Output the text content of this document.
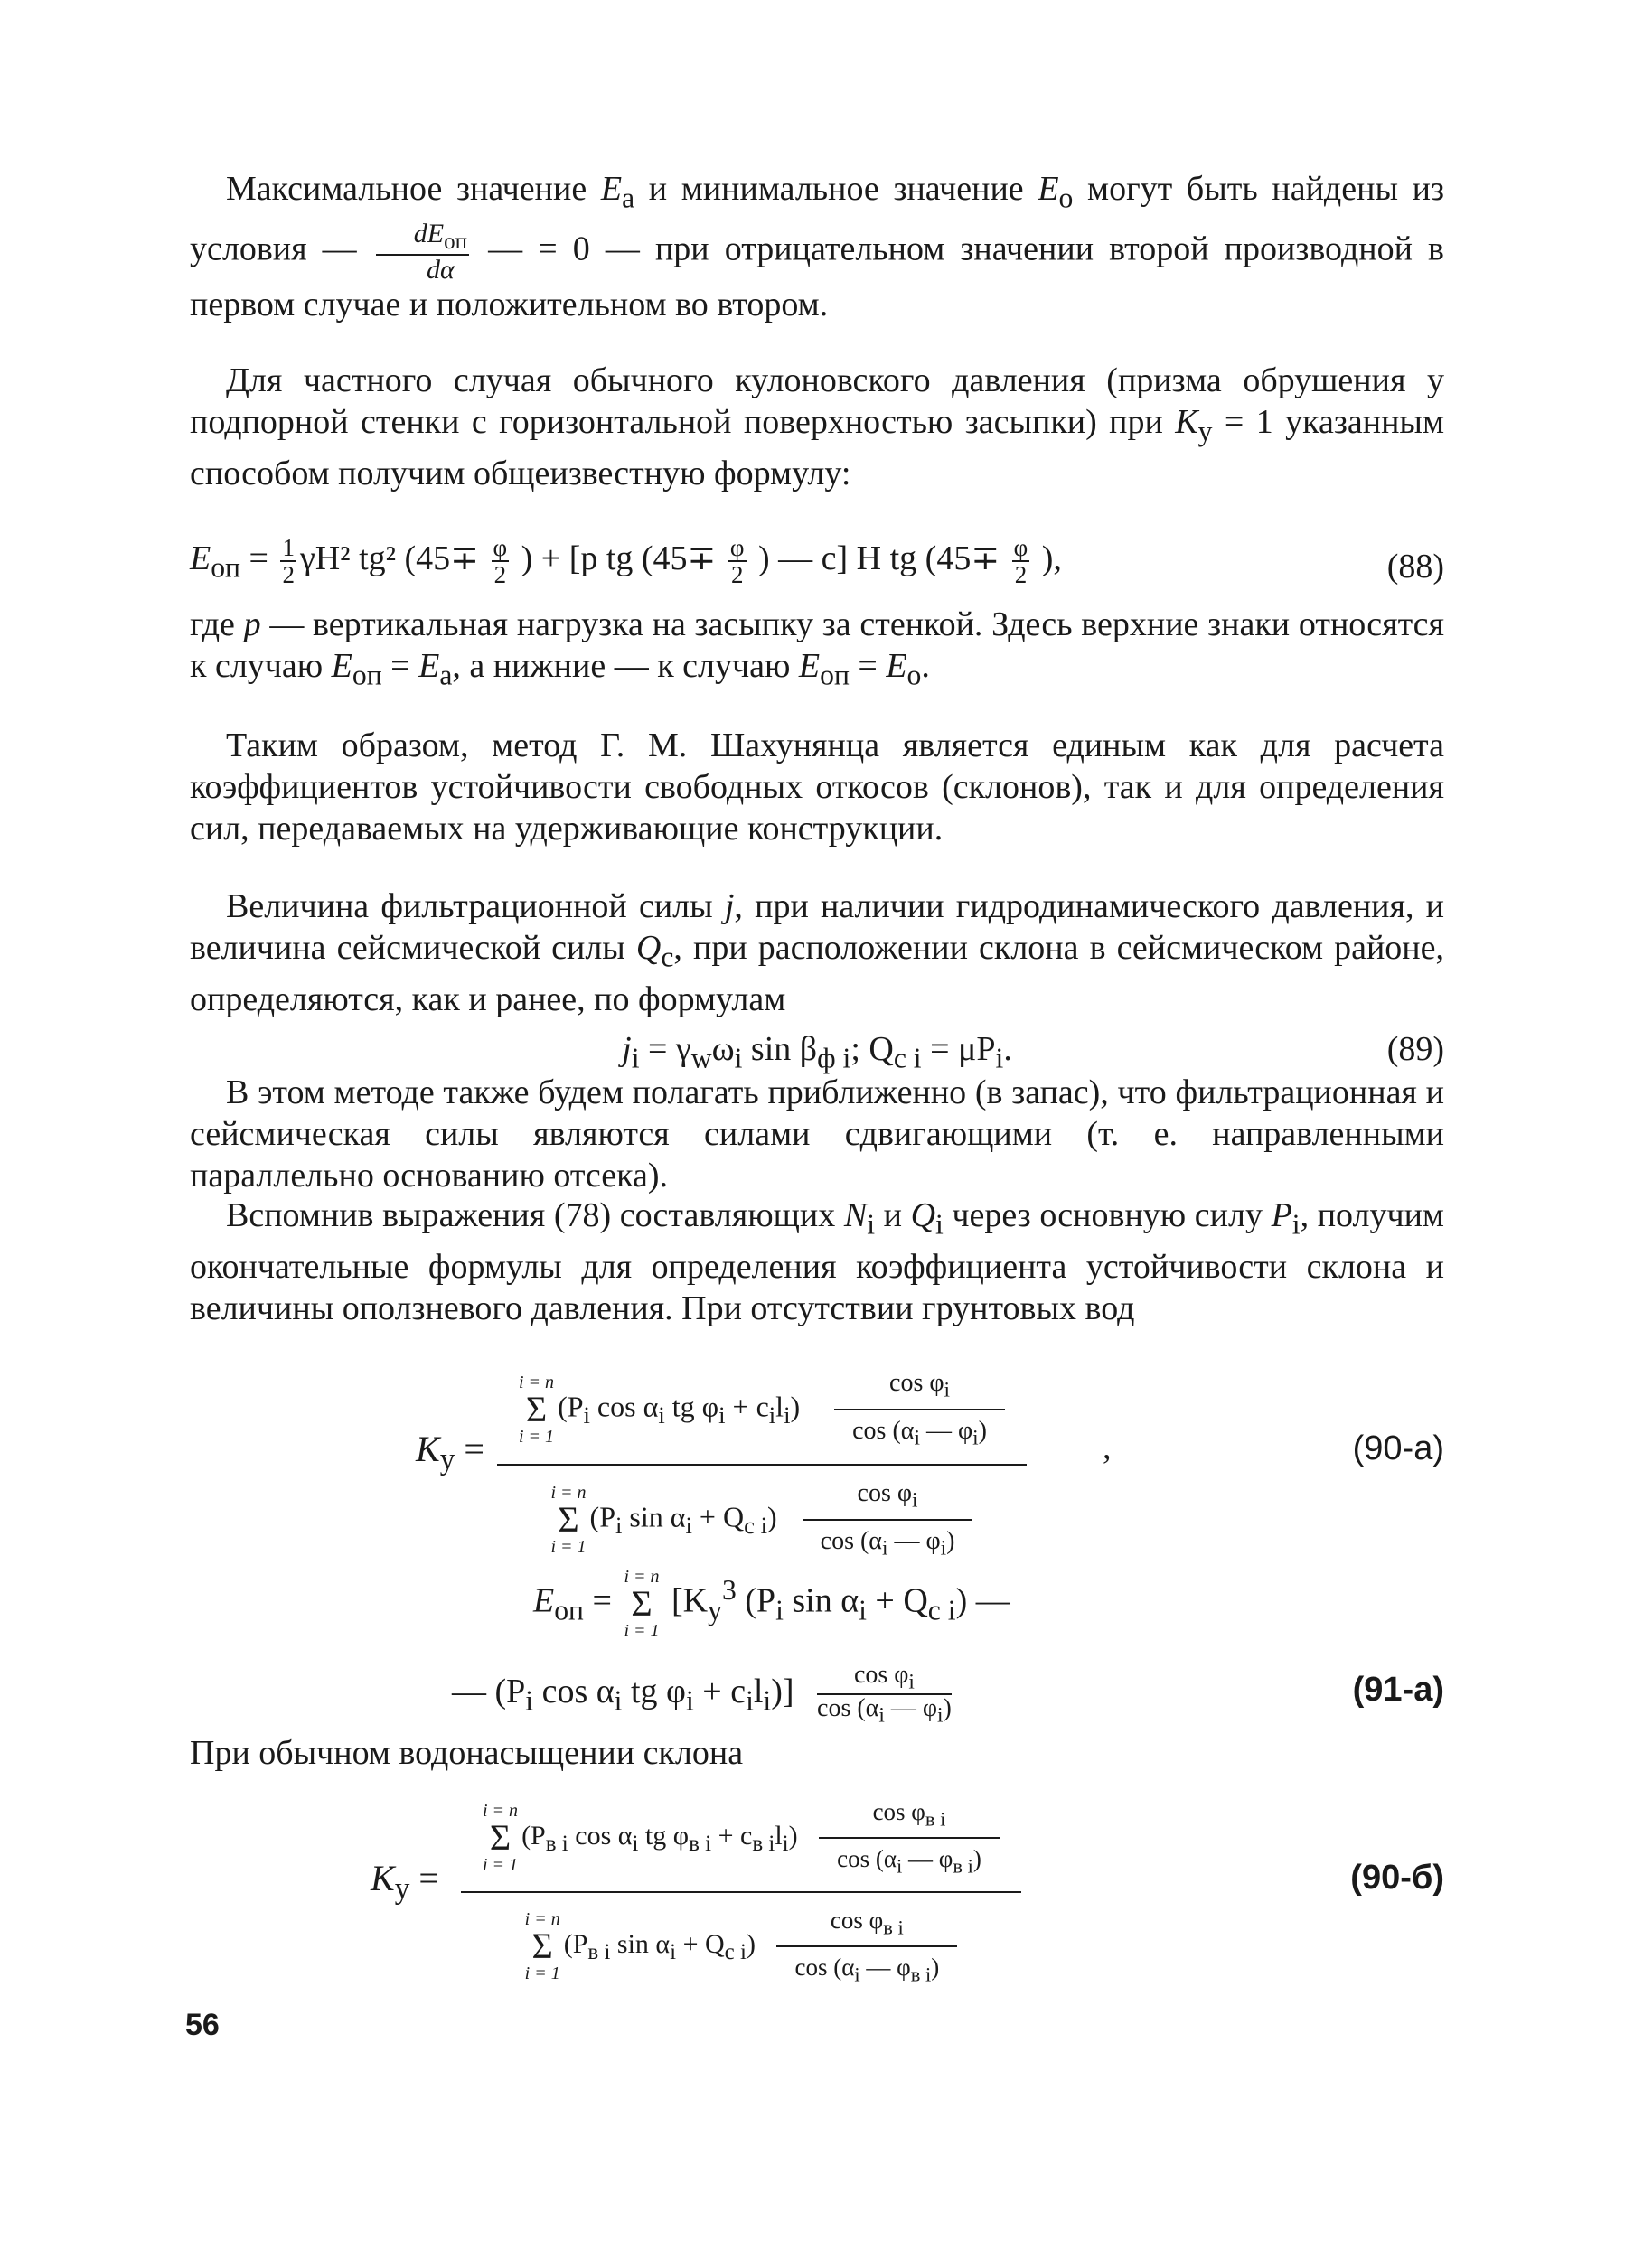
Максимальное значение $E_а$ и минимальное значение $E_о$ могут быть найдены из условия — $\frac{dE_{оп}}{d\alpha}$ — = 0 — при отрицательном значении второй производной в первом случае и положительном во втором.

Для частного случая обычного кулоновского давления (призма обрушения у подпорной стенки с горизонтальной поверхностью засыпки) при $K_у = 1$ указанным способом получим общеизвестную формулу:

$E_{оп} = \frac{1}{2} \gamma H^2$ tg² ($45\mp \frac{\varphi}{2}$ ) + [p tg ($45\mp \frac{\varphi}{2}$ ) — c] H tg ($45\mp \frac{\varphi}{2}$ ),	(88)

где p — вертикальная нагрузка на засыпку за стенкой. Здесь верхние знаки относятся к случаю $E_{оп} = E_а$, а нижние — к случаю $E_{оп} = E_о$.

Таким образом, метод Г. М. Шахунянца является единым как для расчета коэффициентов устойчивости свободных откосов (склонов), так и для определения сил, передаваемых на удерживающие конструкции.

Величина фильтрационной силы j, при наличии гидродинамического давления, и величина сейсмической силы $Q_с$, при расположении склона в сейсмическом районе, определяются, как и ранее, по формулам

$j_i = \gamma_w\omega_i$ $\sin \beta_{ф i}$; $Q_{с i} = \mu P_i$.	(89)

В этом методе также будем полагать приближенно (в запас), что фильтрационная и сейсмическая силы являются силами сдвигающими (т. е. направленными параллельно основанию отсека).

Вспомнив выражения (78) составляющих $N_i$ и $Q_i$ через основную силу $P_i$, получим окончательные формулы для определения коэффициента устойчивости склона и величины оползневого давления. При отсутствии грунтовых вод

$K_у$ =
i = n
Σ
i = 1
($P_i$ $\cos \alpha_i$ tg $\varphi_i + c_il_i) \frac{\cos \varphi_i}{\cos (\alpha_i — \varphi_i)}$
i = n
Σ
i = 1
($P_i$ $\sin \alpha_i + Q_{c i}) \frac{\cos \varphi_i}{\cos (\alpha_i — \varphi_i)}$
,	(90-а)
$E_{оп}$ =
i = n
Σ
i = 1
[$K_у^3$ ($P_i$ $\sin \alpha_i + Q_{c i}$) —
— ($P_i$ $\cos \alpha_i$ tg $\varphi_i + c_il_i)] \frac{\cos \varphi_i}{\cos (\alpha_i — \varphi_i)}$	(91-а)

При обычном водонасыщении склона

$K_у$ =
i = n
Σ
i = 1
($P_{в i}$ $\cos \alpha_i$ tg $\varphi_{в i} + c_{в i}l_i) \frac{\cos \varphi_{в i}}{\cos (\alpha_i — \varphi_{в i})}$
i = n
Σ
i = 1
($P_{в i}$ $\sin \alpha_i + Q_{c i}) \frac{\cos \varphi_{в i}}{\cos (\alpha_i — \varphi_{в i})}$
(90-б)
56
